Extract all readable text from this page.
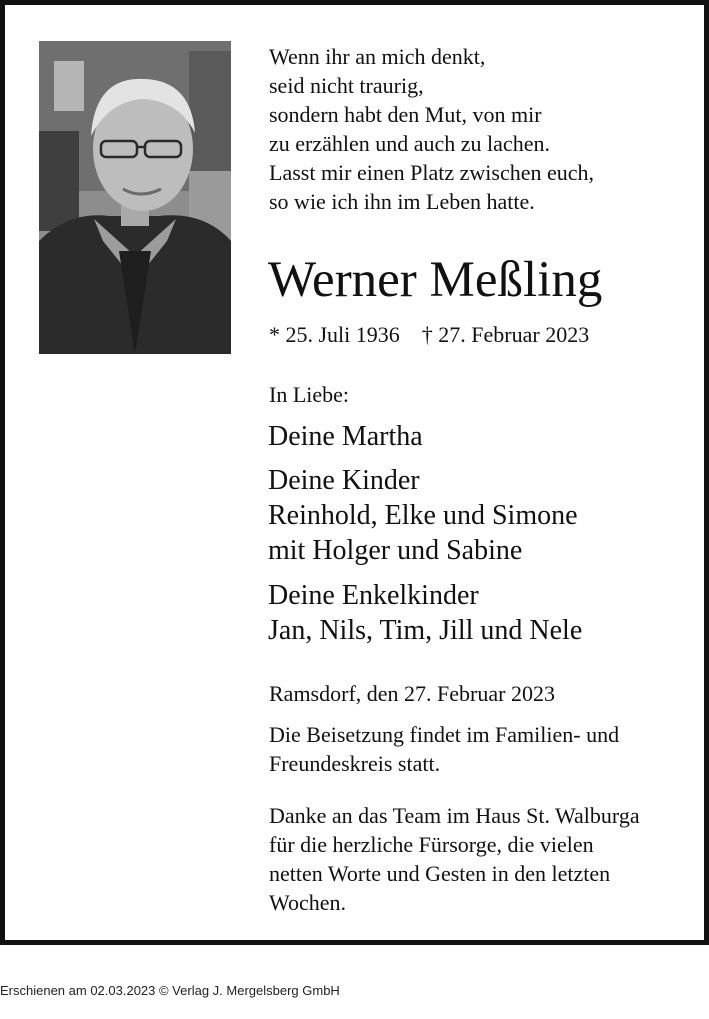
Wenn ihr an mich denkt,
seid nicht traurig,
sondern habt den Mut, von mir
zu erzählen und auch zu lachen.
Lasst mir einen Platz zwischen euch,
so wie ich ihn im Leben hatte.
Werner Meßling
* 25. Juli 1936 † 27. Februar 2023
In Liebe:
Deine Martha
Deine Kinder
Reinhold, Elke und Simone
mit Holger und Sabine
Deine Enkelkinder
Jan, Nils, Tim, Jill und Nele
Ramsdorf, den 27. Februar 2023
Die Beisetzung findet im Familien- und
Freundeskreis statt.
Danke an das Team im Haus St. Walburga
für die herzliche Fürsorge, die vielen
netten Worte und Gesten in den letzten
Wochen.
Erschienen am 02.03.2023 © Verlag J. Mergelsberg GmbH
